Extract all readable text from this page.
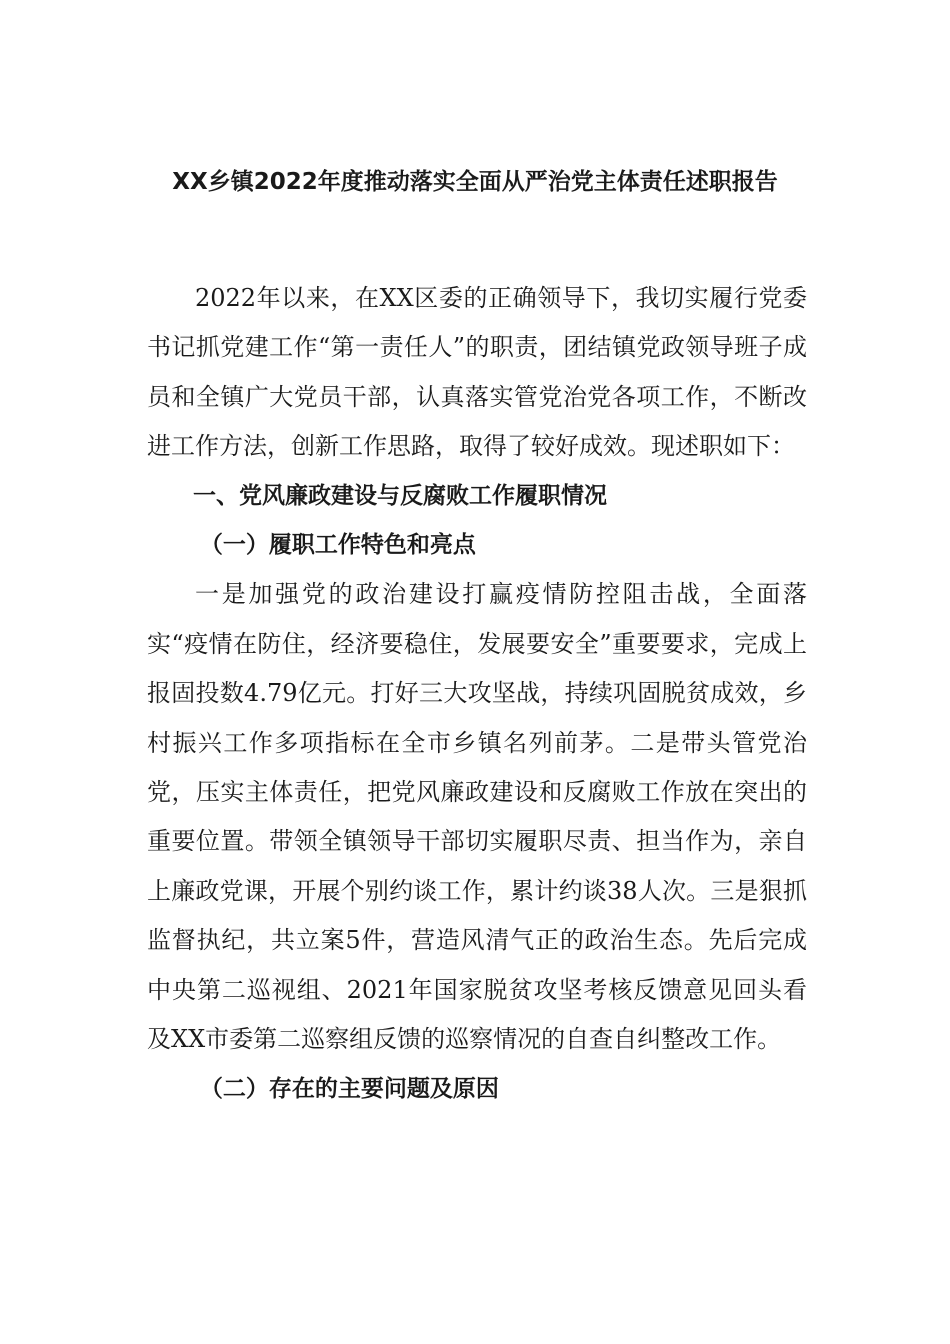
XX乡镇2022年度推动落实全面从严治党主体责任述职报告

2022年以来，在XX区委的正确领导下，我切实履行党委书记抓党建工作“第一责任人”的职责，团结镇党政领导班子成员和全镇广大党员干部，认真落实管党治党各项工作，不断改进工作方法，创新工作思路，取得了较好成效。现述职如下：

一、党风廉政建设与反腐败工作履职情况

（一）履职工作特色和亮点

一是加强党的政治建设打赢疫情防控阻击战，全面落实“疫情在防住，经济要稳住，发展要安全”重要要求，完成上报固投数4.79亿元。打好三大攻坚战，持续巩固脱贫成效，乡村振兴工作多项指标在全市乡镇名列前茅。二是带头管党治党，压实主体责任，把党风廉政建设和反腐败工作放在突出的重要位置。带领全镇领导干部切实履职尽责、担当作为，亲自上廉政党课，开展个别约谈工作，累计约谈38人次。三是狠抓监督执纪，共立案5件，营造风清气正的政治生态。先后完成中央第二巡视组、2021年国家脱贫攻坚考核反馈意见回头看及XX市委第二巡察组反馈的巡察情况的自查自纠整改工作。

（二）存在的主要问题及原因
